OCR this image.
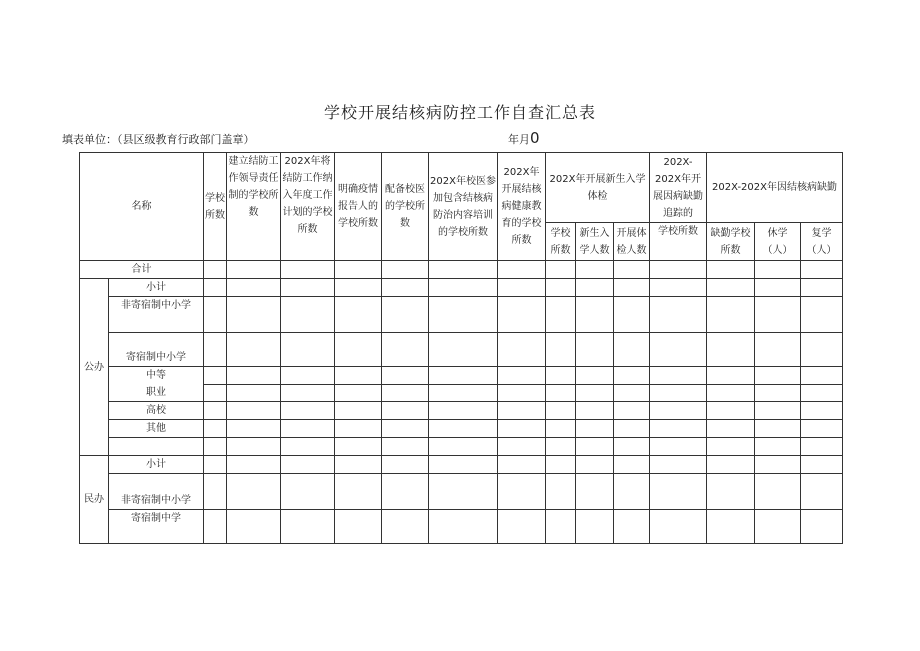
学校开展结核病防控工作自查汇总表
填表单位：（县区级教育行政部门盖章）	年月0
名称		学校所数	建立结防工作领导责任制的学校所数	202X年将结防工作纳入年度工作计划的学校所数	明确疫情报告人的学校所数	配备校医的学校所数	202X年校医参加包含结核病防治内容培训的学校所数	202X年开展结核病健康教育的学校所数	202X年开展新生入学体检			202X-202X年开展因病缺勤追踪的	202X-202X年因结核病缺勤		
									学校所数	新生入学人数	开展体检人数	学校所数	缺勤学校所数	休学（人）	复学（人）
合计															
公办	小计														
	非寄宿制中小学														
	寄宿制中小学														
	中等														
	职业														
	高校														
	其他														

民办	小计														
	非寄宿制中小学														
	寄宿制中学														
